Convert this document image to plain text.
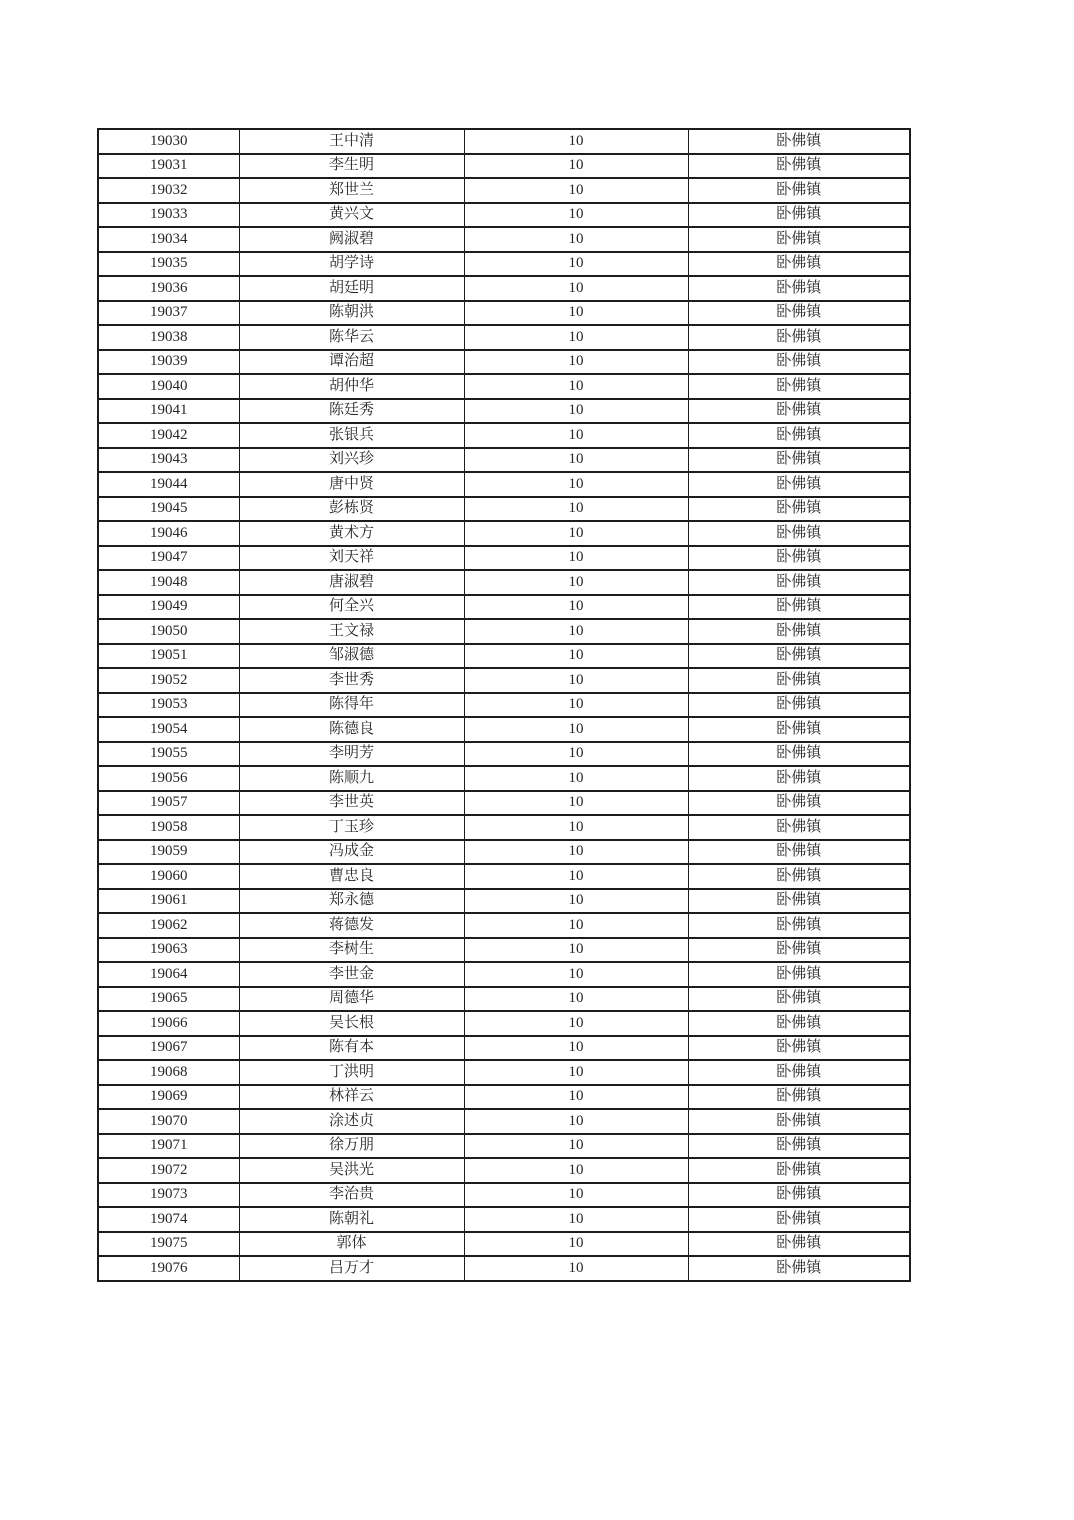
19030	王中清	10	卧佛镇
19031	李生明	10	卧佛镇
19032	郑世兰	10	卧佛镇
19033	黄兴文	10	卧佛镇
19034	阙淑碧	10	卧佛镇
19035	胡学诗	10	卧佛镇
19036	胡廷明	10	卧佛镇
19037	陈朝洪	10	卧佛镇
19038	陈华云	10	卧佛镇
19039	谭治超	10	卧佛镇
19040	胡仲华	10	卧佛镇
19041	陈廷秀	10	卧佛镇
19042	张银兵	10	卧佛镇
19043	刘兴珍	10	卧佛镇
19044	唐中贤	10	卧佛镇
19045	彭栋贤	10	卧佛镇
19046	黄术方	10	卧佛镇
19047	刘天祥	10	卧佛镇
19048	唐淑碧	10	卧佛镇
19049	何全兴	10	卧佛镇
19050	王文禄	10	卧佛镇
19051	邹淑德	10	卧佛镇
19052	李世秀	10	卧佛镇
19053	陈得年	10	卧佛镇
19054	陈德良	10	卧佛镇
19055	李明芳	10	卧佛镇
19056	陈顺九	10	卧佛镇
19057	李世英	10	卧佛镇
19058	丁玉珍	10	卧佛镇
19059	冯成金	10	卧佛镇
19060	曹忠良	10	卧佛镇
19061	郑永德	10	卧佛镇
19062	蒋德发	10	卧佛镇
19063	李树生	10	卧佛镇
19064	李世金	10	卧佛镇
19065	周德华	10	卧佛镇
19066	吴长根	10	卧佛镇
19067	陈有本	10	卧佛镇
19068	丁洪明	10	卧佛镇
19069	林祥云	10	卧佛镇
19070	涂述贞	10	卧佛镇
19071	徐万朋	10	卧佛镇
19072	吴洪光	10	卧佛镇
19073	李治贵	10	卧佛镇
19074	陈朝礼	10	卧佛镇
19075	郭体	10	卧佛镇
19076	吕万才	10	卧佛镇
